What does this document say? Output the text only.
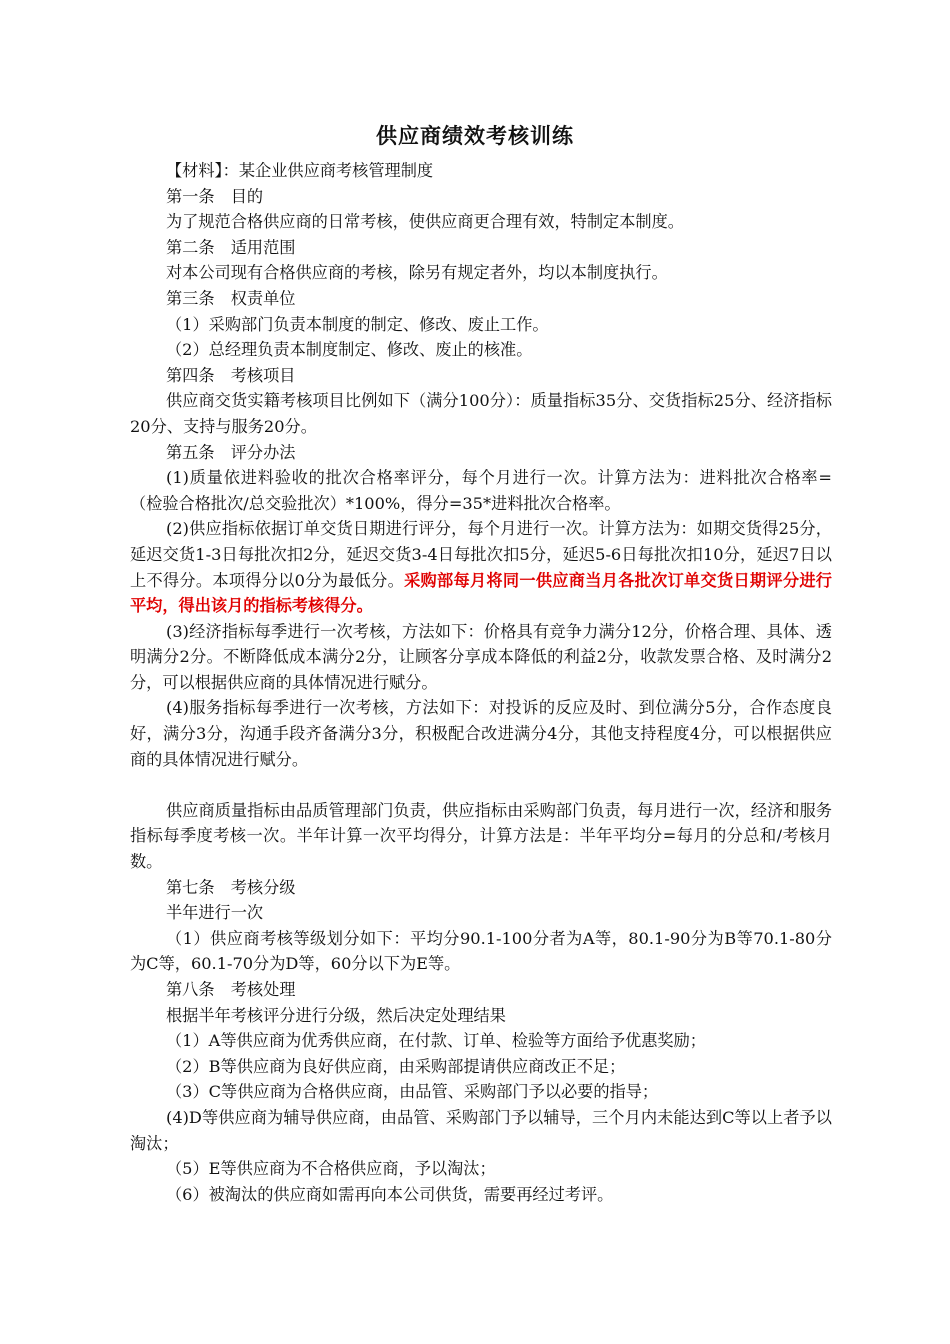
供应商绩效考核训练

【材料】：某企业供应商考核管理制度

第一条　目的

为了规范合格供应商的日常考核，使供应商更合理有效，特制定本制度。

第二条　适用范围

对本公司现有合格供应商的考核，除另有规定者外，均以本制度执行。

第三条　权责单位

（1）采购部门负责本制度的制定、修改、废止工作。

（2）总经理负责本制度制定、修改、废止的核准。

第四条　考核项目

供应商交货实籍考核项目比例如下（满分100分）：质量指标35分、交货指标25分、经济指标20分、支持与服务20分。

第五条　评分办法

(1)质量依进料验收的批次合格率评分，每个月进行一次。计算方法为：进料批次合格率=（检验合格批次/总交验批次）*100%，得分=35*进料批次合格率。

(2)供应指标依据订单交货日期进行评分，每个月进行一次。计算方法为：如期交货得25分，延迟交货1-3日每批次扣2分，延迟交货3-4日每批次扣5分，延迟5-6日每批次扣10分，延迟7日以上不得分。本项得分以0分为最低分。采购部每月将同一供应商当月各批次订单交货日期评分进行平均，得出该月的指标考核得分。

(3)经济指标每季进行一次考核，方法如下：价格具有竞争力满分12分，价格合理、具体、透明满分2分。不断降低成本满分2分，让顾客分享成本降低的利益2分，收款发票合格、及时满分2分，可以根据供应商的具体情况进行赋分。

(4)服务指标每季进行一次考核，方法如下：对投诉的反应及时、到位满分5分，合作态度良好，满分3分，沟通手段齐备满分3分，积极配合改进满分4分，其他支持程度4分，可以根据供应商的具体情况进行赋分。

供应商质量指标由品质管理部门负责，供应指标由采购部门负责，每月进行一次，经济和服务指标每季度考核一次。半年计算一次平均得分，计算方法是：半年平均分=每月的分总和/考核月数。

第七条　考核分级

半年进行一次

（1）供应商考核等级划分如下：平均分90.1-100分者为A等，80.1-90分为B等70.1-80分为C等，60.1-70分为D等，60分以下为E等。

第八条　考核处理

根据半年考核评分进行分级，然后决定处理结果

（1）A等供应商为优秀供应商，在付款、订单、检验等方面给予优惠奖励；

（2）B等供应商为良好供应商，由采购部提请供应商改正不足；

（3）C等供应商为合格供应商，由品管、采购部门予以必要的指导；

(4)D等供应商为辅导供应商，由品管、采购部门予以辅导，三个月内未能达到C等以上者予以淘汰；

（5）E等供应商为不合格供应商，予以淘汰；

（6）被淘汰的供应商如需再向本公司供货，需要再经过考评。
